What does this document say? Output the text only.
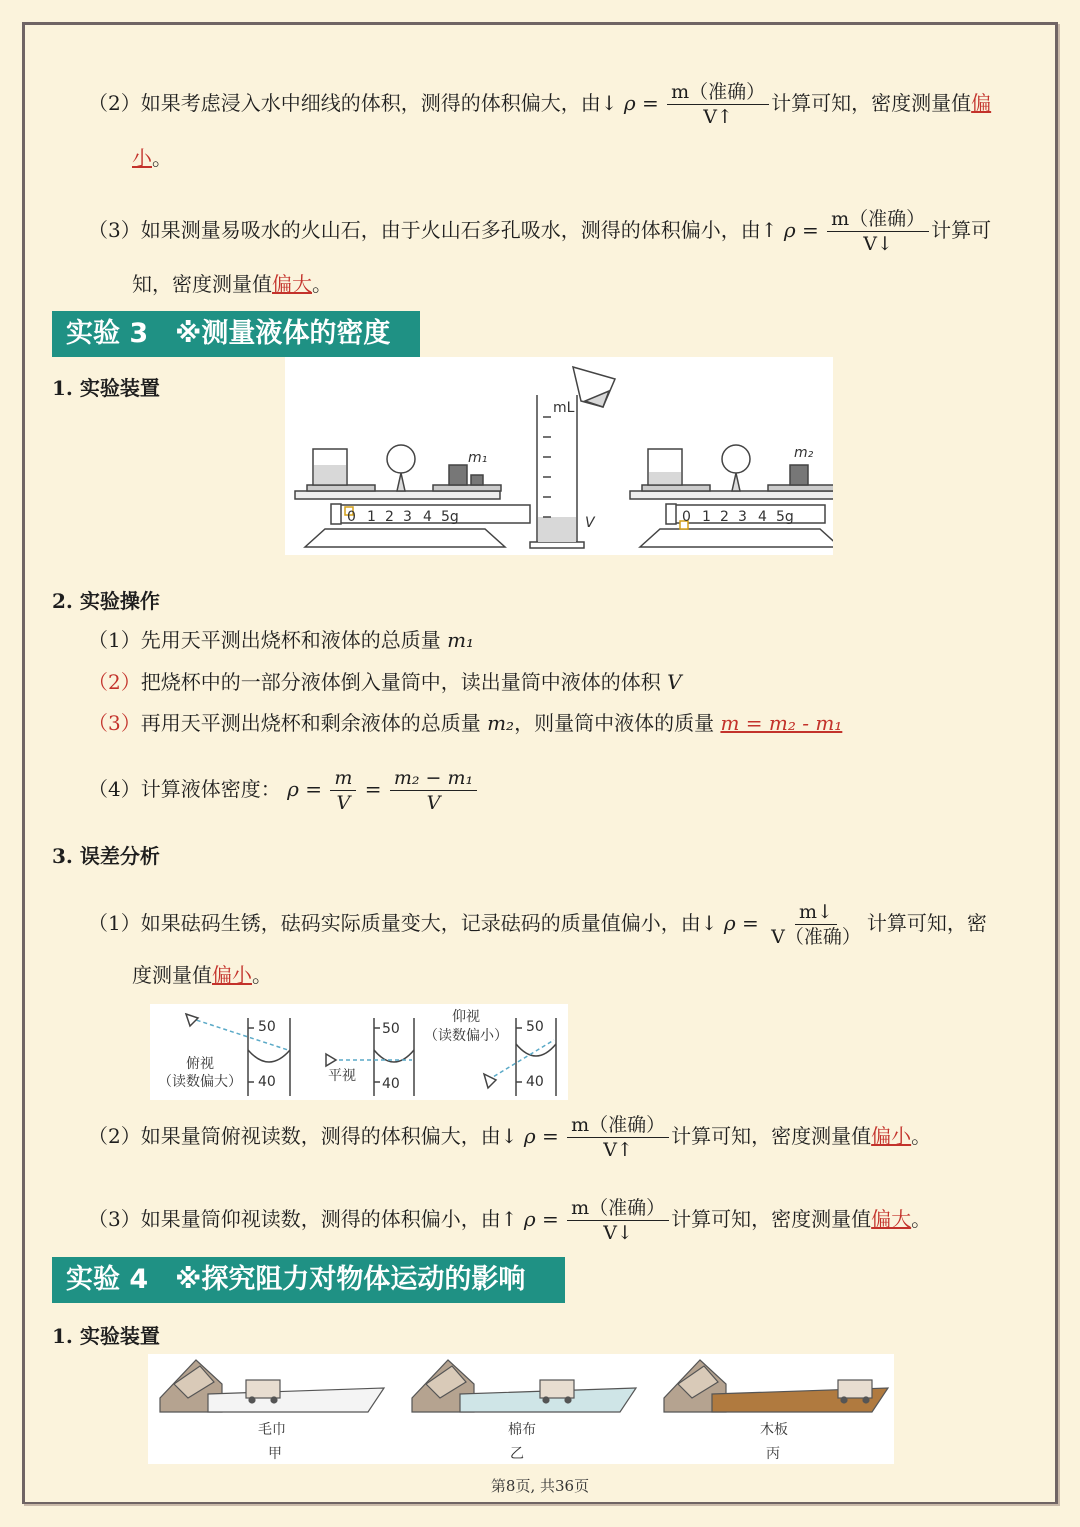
（2）如果考虑浸入水中细线的体积，测得的体积偏大，由↓ $\rho = \frac{\text{m（准确）}}{V↑}$ 计算可知，密度测量值偏
小。
（3）如果测量易吸水的火山石，由于火山石多孔吸水，测得的体积偏小，由↑ $\rho = \frac{\text{m（准确）}}{V↓}$ 计算可
知，密度测量值偏大。
实验 3　※测量液体的密度
1. 实验装置
0 1 2 3 4 5g
m₁
mL
V	0 1 2 3 4 5g
m₂
2. 实验操作
（1）先用天平测出烧杯和液体的总质量 m₁
（2）把烧杯中的一部分液体倒入量筒中，读出量筒中液体的体积 V
（3）再用天平测出烧杯和剩余液体的总质量 m₂，则量筒中液体的质量 m = m₂ - m₁
（4）计算液体密度： $\rho = \frac{m}{V} = \frac{\text{m₂ − m₁}}{V}$
3. 误差分析
（1）如果砝码生锈，砝码实际质量变大，记录砝码的质量值偏小，由↓ $\rho = \frac{m↓}{\text{V（准确）}}$ 计算可知，密
度测量值偏小。
50
40
俯视
（读数偏大）
50
40
平视
50
40
仰视
（读数偏小）
（2）如果量筒俯视读数，测得的体积偏大，由↓ $\rho = \frac{\text{m（准确）}}{V↑}$ 计算可知，密度测量值偏小。
（3）如果量筒仰视读数，测得的体积偏小，由↑ $\rho = \frac{\text{m（准确）}}{V↓}$ 计算可知，密度测量值偏大。
实验 4　※探究阻力对物体运动的影响
1. 实验装置
毛巾
甲
棉布
乙
木板
丙
第8页, 共36页
